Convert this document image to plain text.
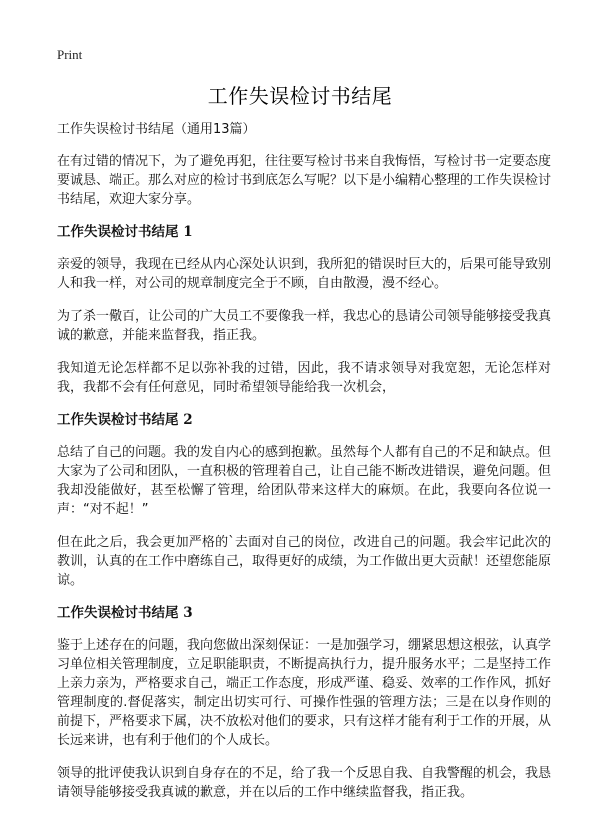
Print
工作失误检讨书结尾

工作失误检讨书结尾（通用13篇）

在有过错的情况下，为了避免再犯，往往要写检讨书来自我悔悟，写检讨书一定要态度要诚恳、端正。那么对应的检讨书到底怎么写呢？以下是小编精心整理的工作失误检讨书结尾，欢迎大家分享。

工作失误检讨书结尾 1

亲爱的领导，我现在已经从内心深处认识到，我所犯的错误时巨大的，后果可能导致别人和我一样，对公司的规章制度完全于不顾，自由散漫，漫不经心。

为了杀一儆百，让公司的广大员工不要像我一样，我忠心的恳请公司领导能够接受我真诚的歉意，并能来监督我，指正我。

我知道无论怎样都不足以弥补我的过错，因此，我不请求领导对我宽恕，无论怎样对我，我都不会有任何意见，同时希望领导能给我一次机会，

工作失误检讨书结尾 2

总结了自己的问题。我的发自内心的感到抱歉。虽然每个人都有自己的不足和缺点。但大家为了公司和团队，一直积极的管理着自己，让自己能不断改进错误，避免问题。但我却没能做好，甚至松懈了管理，给团队带来这样大的麻烦。在此，我要向各位说一声：“对不起！”

但在此之后，我会更加严格的`去面对自己的岗位，改进自己的问题。我会牢记此次的教训，认真的在工作中磨练自己，取得更好的成绩，为工作做出更大贡献！还望您能原谅。

工作失误检讨书结尾 3

鉴于上述存在的问题，我向您做出深刻保证：一是加强学习，绷紧思想这根弦，认真学习单位相关管理制度，立足职能职责，不断提高执行力，提升服务水平；二是坚持工作上亲力亲为，严格要求自己，端正工作态度，形成严谨、稳妥、效率的工作作风，抓好管理制度的.督促落实，制定出切实可行、可操作性强的管理方法；三是在以身作则的前提下，严格要求下属，决不放松对他们的要求，只有这样才能有利于工作的开展，从长远来讲，也有利于他们的个人成长。

领导的批评使我认识到自身存在的不足，给了我一个反思自我、自我警醒的机会，我恳请领导能够接受我真诚的歉意，并在以后的工作中继续监督我，指正我。
